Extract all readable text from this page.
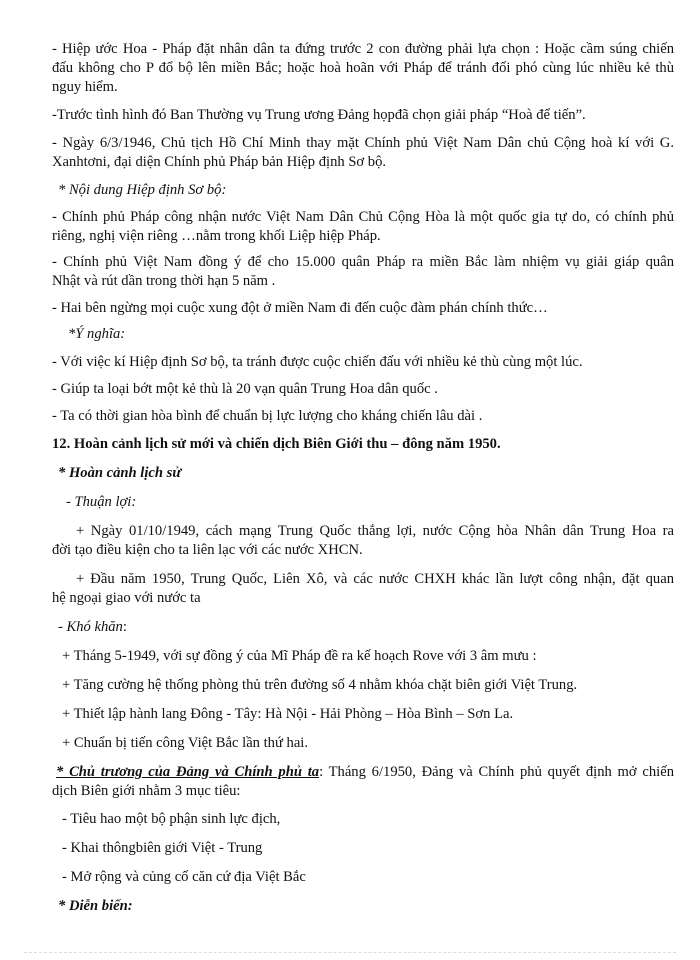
- Hiệp ước Hoa - Pháp đặt nhân dân ta đứng trước 2 con đường phải lựa chọn : Hoặc cầm súng chiến

đấu không cho P đổ bộ lên miền Bắc; hoặc hoà hoãn với Pháp để tránh đối phó cùng lúc nhiều kẻ thù

nguy hiểm.

-Trước tình hình đó Ban Thường vụ Trung ương Đảng họpđã chọn giải pháp “Hoà để tiến”.

- Ngày 6/3/1946, Chủ tịch Hồ Chí Minh thay mặt Chính phủ Việt Nam Dân chủ Cộng hoà kí với G.

Xanhtơni, đại diện Chính phủ Pháp bản Hiệp định Sơ bộ.

* Nội dung Hiệp định Sơ bộ:

- Chính phủ Pháp công nhận nước Việt Nam Dân Chủ Cộng Hòa là một quốc gia tự do, có chính phủ

riêng, nghị viện riêng …nằm trong khối Liệp hiệp Pháp.

- Chính phủ Việt Nam đồng ý để cho 15.000 quân Pháp ra miền Bắc làm nhiệm vụ giải giáp quân

Nhật và rút dần trong thời hạn 5 năm .

- Hai bên ngừng mọi cuộc xung đột ở miền Nam đi đến cuộc đàm phán chính thức…

*Ý nghĩa:

- Với việc kí Hiệp định Sơ bộ, ta tránh được cuộc chiến đấu với nhiều kẻ thù cùng một lúc.

- Giúp ta loại bớt một kẻ thù là 20 vạn quân Trung Hoa dân quốc .

- Ta có thời gian hòa bình để chuẩn bị lực lượng cho kháng chiến lâu dài .

12. Hoàn cảnh lịch sử mới và chiến dịch Biên Giới thu – đông năm 1950.

* Hoàn cảnh lịch sử

- Thuận lợi:

+ Ngày 01/10/1949, cách mạng Trung Quốc thắng lợi, nước Cộng hòa Nhân dân Trung Hoa ra

đời tạo điều kiện cho ta liên lạc với các nước XHCN.

+ Đầu năm 1950, Trung Quốc, Liên Xô, và các nước CHXH khác lần lượt công nhận, đặt quan

hệ ngoại giao với nước ta

- Khó khăn:

+ Tháng 5-1949, với sự đồng ý của Mĩ Pháp đề ra kế hoạch Rove với 3 âm mưu :

+ Tăng cường hệ thống phòng thủ trên đường số 4 nhằm khóa chặt biên giới Việt Trung.

+ Thiết lập hành lang Đông - Tây: Hà Nội - Hải Phòng – Hòa Bình – Sơn La.

+ Chuẩn bị tiến công Việt Bắc lần thứ hai.

* Chủ trương của Đảng và Chính phủ ta: Tháng 6/1950, Đảng và Chính phủ quyết định mở chiến

dịch Biên giới nhằm 3 mục tiêu:

- Tiêu hao một bộ phận sinh lực địch,

- Khai thôngbiên giới Việt - Trung

- Mở rộng và củng cố căn cứ địa Việt Bắc

* Diễn biến:
